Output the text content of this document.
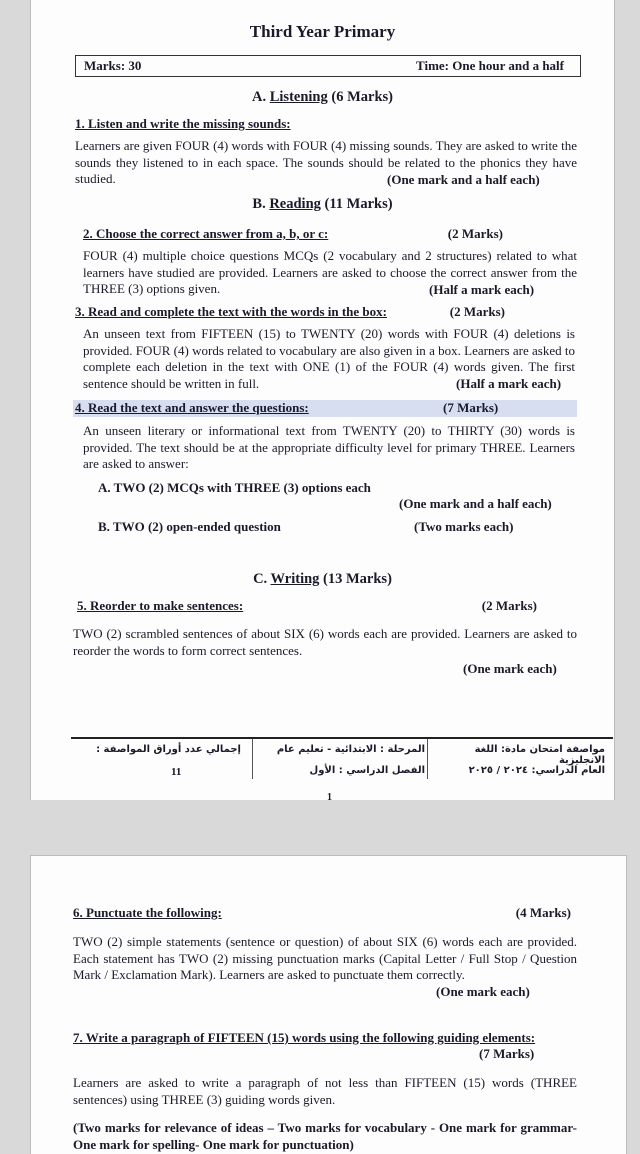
Third Year Primary
Marks: 30	Time: One hour and a half
A. Listening (6 Marks)
1. Listen and write the missing sounds:
Learners are given FOUR (4) words with FOUR (4) missing sounds. They are asked to write the sounds they listened to in each space. The sounds should be related to the phonics they have studied.	(One mark and a half each)
B. Reading (11 Marks)
2. Choose the correct answer from a, b, or c:	(2 Marks)
FOUR (4) multiple choice questions MCQs (2 vocabulary and 2 structures) related to what learners have studied are provided. Learners are asked to choose the correct answer from the THREE (3) options given.	(Half a mark each)
3. Read and complete the text with the words in the box:	(2 Marks)
An unseen text from FIFTEEN (15) to TWENTY (20) words with FOUR (4) deletions is provided. FOUR (4) words related to vocabulary are also given in a box. Learners are asked to complete each deletion in the text with ONE (1) of the FOUR (4) words given. The first sentence should be written in full.	(Half a mark each)
4. Read the text and answer the questions:	(7 Marks)
An unseen literary or informational text from TWENTY (20) to THIRTY (30) words is provided. The text should be at the appropriate difficulty level for primary THREE. Learners are asked to answer:
A. TWO (2) MCQs with THREE (3) options each
(One mark and a half each)
B. TWO (2) open-ended question	(Two marks each)
C. Writing (13 Marks)
5. Reorder to make sentences:	(2 Marks)
TWO (2) scrambled sentences of about SIX (6) words each are provided. Learners are asked to reorder the words to form correct sentences.
(One mark each)
مواصفة امتحان مادة: اللغة الانجليزية
العام الدراسي: ٢٠٢٤ / ٢٠٢٥
المرحلة : الابتدائية - تعليم عام
الفصل الدراسي : الأول
إجمالي عدد أوراق المواصفة :
11
1
6. Punctuate the following:	(4 Marks)
TWO (2) simple statements (sentence or question) of about SIX (6) words each are provided. Each statement has TWO (2) missing punctuation marks (Capital Letter / Full Stop / Question Mark / Exclamation Mark). Learners are asked to punctuate them correctly.
(One mark each)
7. Write a paragraph of FIFTEEN (15) words using the following guiding elements:
(7 Marks)
Learners are asked to write a paragraph of not less than FIFTEEN (15) words (THREE sentences) using THREE (3) guiding words given.
(Two marks for relevance of ideas – Two marks for vocabulary - One mark for grammar- One mark for spelling- One mark for punctuation)
